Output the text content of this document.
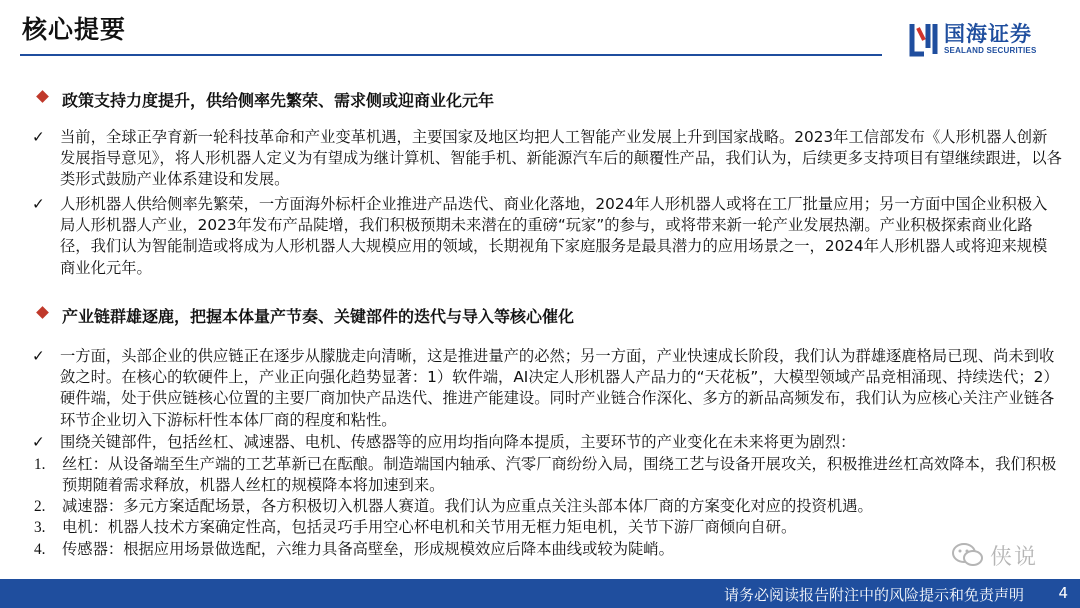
核心提要	国海证券
SEALAND SECURITIES
政策支持力度提升，供给侧率先繁荣、需求侧或迎商业化元年
✓ 当前，全球正孕育新一轮科技革命和产业变革机遇，主要国家及地区均把人工智能产业发展上升到国家战略。2023年工信部发布《人形机器人创新发展指导意见》，将人形机器人定义为有望成为继计算机、智能手机、新能源汽车后的颠覆性产品，我们认为，后续更多支持项目有望继续跟进，以各类形式鼓励产业体系建设和发展。
✓ 人形机器人供给侧率先繁荣，一方面海外标杆企业推进产品迭代、商业化落地，2024年人形机器人或将在工厂批量应用；另一方面中国企业积极入局人形机器人产业，2023年发布产品陡增，我们积极预期未来潜在的重磅“玩家”的参与，或将带来新一轮产业发展热潮。产业积极探索商业化路径，我们认为智能制造或将成为人形机器人大规模应用的领域，长期视角下家庭服务是最具潜力的应用场景之一，2024年人形机器人或将迎来规模商业化元年。
产业链群雄逐鹿，把握本体量产节奏、关键部件的迭代与导入等核心催化
✓ 一方面，头部企业的供应链正在逐步从朦胧走向清晰，这是推进量产的必然；另一方面，产业快速成长阶段，我们认为群雄逐鹿格局已现、尚未到收敛之时。在核心的软硬件上，产业正向强化趋势显著：1）软件端，AI决定人形机器人产品力的“天花板”，大模型领域产品竞相涌现、持续迭代；2）硬件端，处于供应链核心位置的主要厂商加快产品迭代、推进产能建设。同时产业链合作深化、多方的新品高频发布，我们认为应核心关注产业链各环节企业切入下游标杆性本体厂商的程度和粘性。
✓ 围绕关键部件，包括丝杠、减速器、电机、传感器等的应用均指向降本提质，主要环节的产业变化在未来将更为剧烈：
1.	丝杠：从设备端至生产端的工艺革新已在酝酿。制造端国内轴承、汽零厂商纷纷入局，围绕工艺与设备开展攻关，积极推进丝杠高效降本，我们积极预期随着需求释放，机器人丝杠的规模降本将加速到来。
2.	减速器：多元方案适配场景，各方积极切入机器人赛道。我们认为应重点关注头部本体厂商的方案变化对应的投资机遇。
3.	电机：机器人技术方案确定性高，包括灵巧手用空心杯电机和关节用无框力矩电机，关节下游厂商倾向自研。
4.	传感器：根据应用场景做选配，六维力具备高壁垒，形成规模效应后降本曲线或较为陡峭。	侠说
请务必阅读报告附注中的风险提示和免责声明 4
